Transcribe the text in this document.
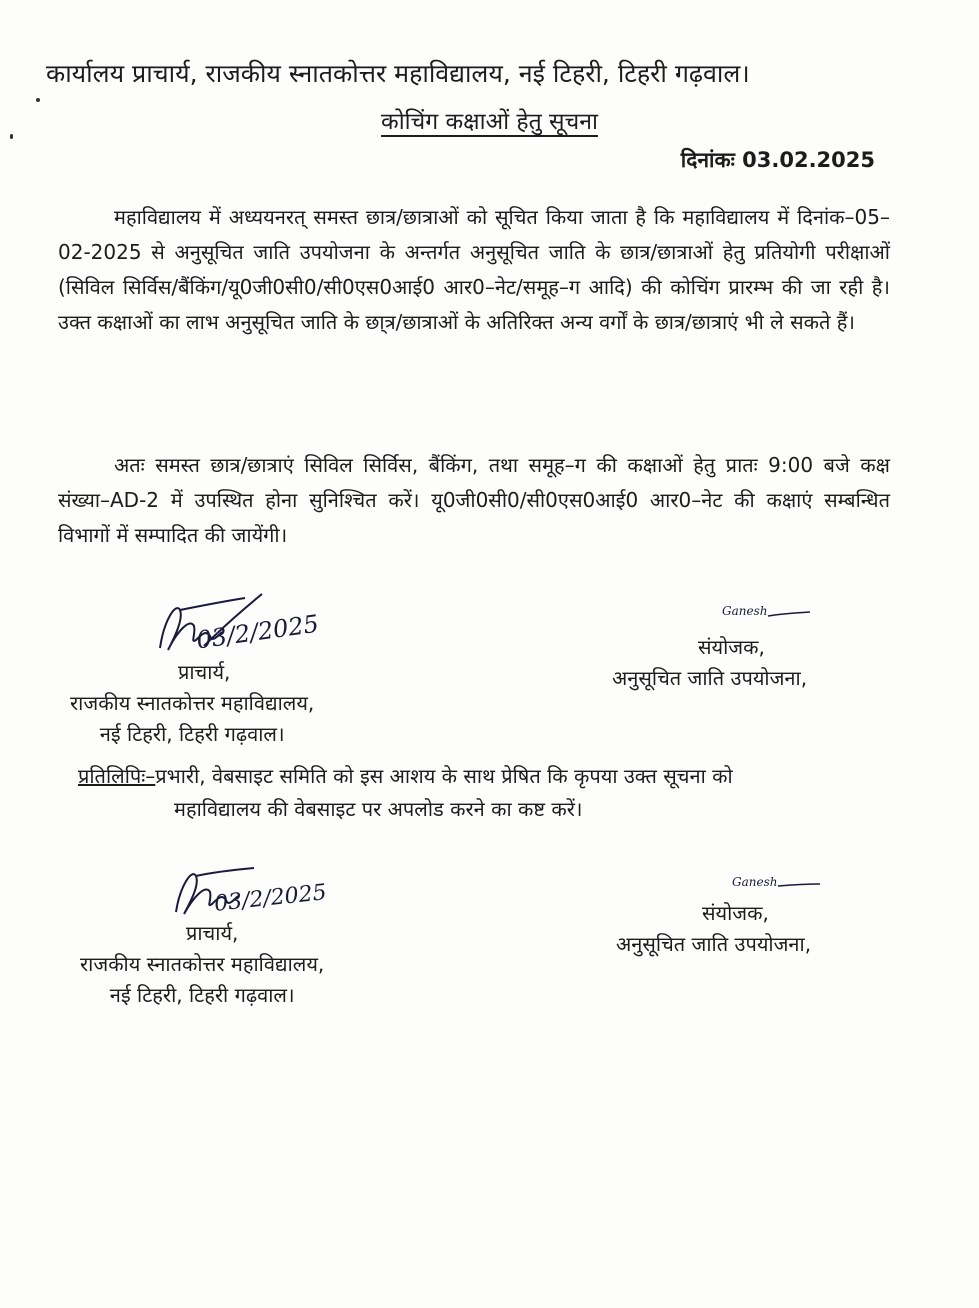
कार्यालय प्राचार्य, राजकीय स्नातकोत्तर महाविद्यालय, नई टिहरी, टिहरी गढ़वाल।
कोचिंग कक्षाओं हेतु सूचना
दिनांकः 03.02.2025
महाविद्यालय में अध्ययनरत् समस्त छात्र/छात्राओं को सूचित किया जाता है कि महाविद्यालय में दिनांक–05–02-2025 से अनुसूचित जाति उपयोजना के अन्तर्गत अनुसूचित जाति के छात्र/छात्राओं हेतु प्रतियोगी परीक्षाओं (सिविल सिर्विस/बैंकिंग/यू0जी0सी0/सी0एस0आई0 आर0–नेट/समूह–ग आदि) की कोचिंग प्रारम्भ की जा रही है। उक्त कक्षाओं का लाभ अनुसूचित जाति के छा्त्र/छात्राओं के अतिरिक्त अन्य वर्गों के छात्र/छात्राएं भी ले सकते हैं।
अतः समस्त छात्र/छात्राएं सिविल सिर्विस, बैंकिंग, तथा समूह–ग की कक्षाओं हेतु प्रातः 9:00 बजे कक्ष संख्या–AD-2 में उपस्थित होना सुनिश्चित करें। यू0जी0सी0/सी0एस0आई0 आर0–नेट की कक्षाएं सम्बन्धित विभागों में सम्पादित की जायेंगी।
03/2/2025
प्राचार्य,
राजकीय स्नातकोत्तर महाविद्यालय,
नई टिहरी, टिहरी गढ़वाल।
Ganesh
संयोजक,
अनुसूचित जाति उपयोजना,
प्रतिलिपिः–प्रभारी, वेबसाइट समिति को इस आशय के साथ प्रेषित कि कृपया उक्त सूचना को
महाविद्यालय की वेबसाइट पर अपलोड करने का कष्ट करें।
03/2/2025
प्राचार्य,
राजकीय स्नातकोत्तर महाविद्यालय,
नई टिहरी, टिहरी गढ़वाल।
Ganesh
संयोजक,
अनुसूचित जाति उपयोजना,
